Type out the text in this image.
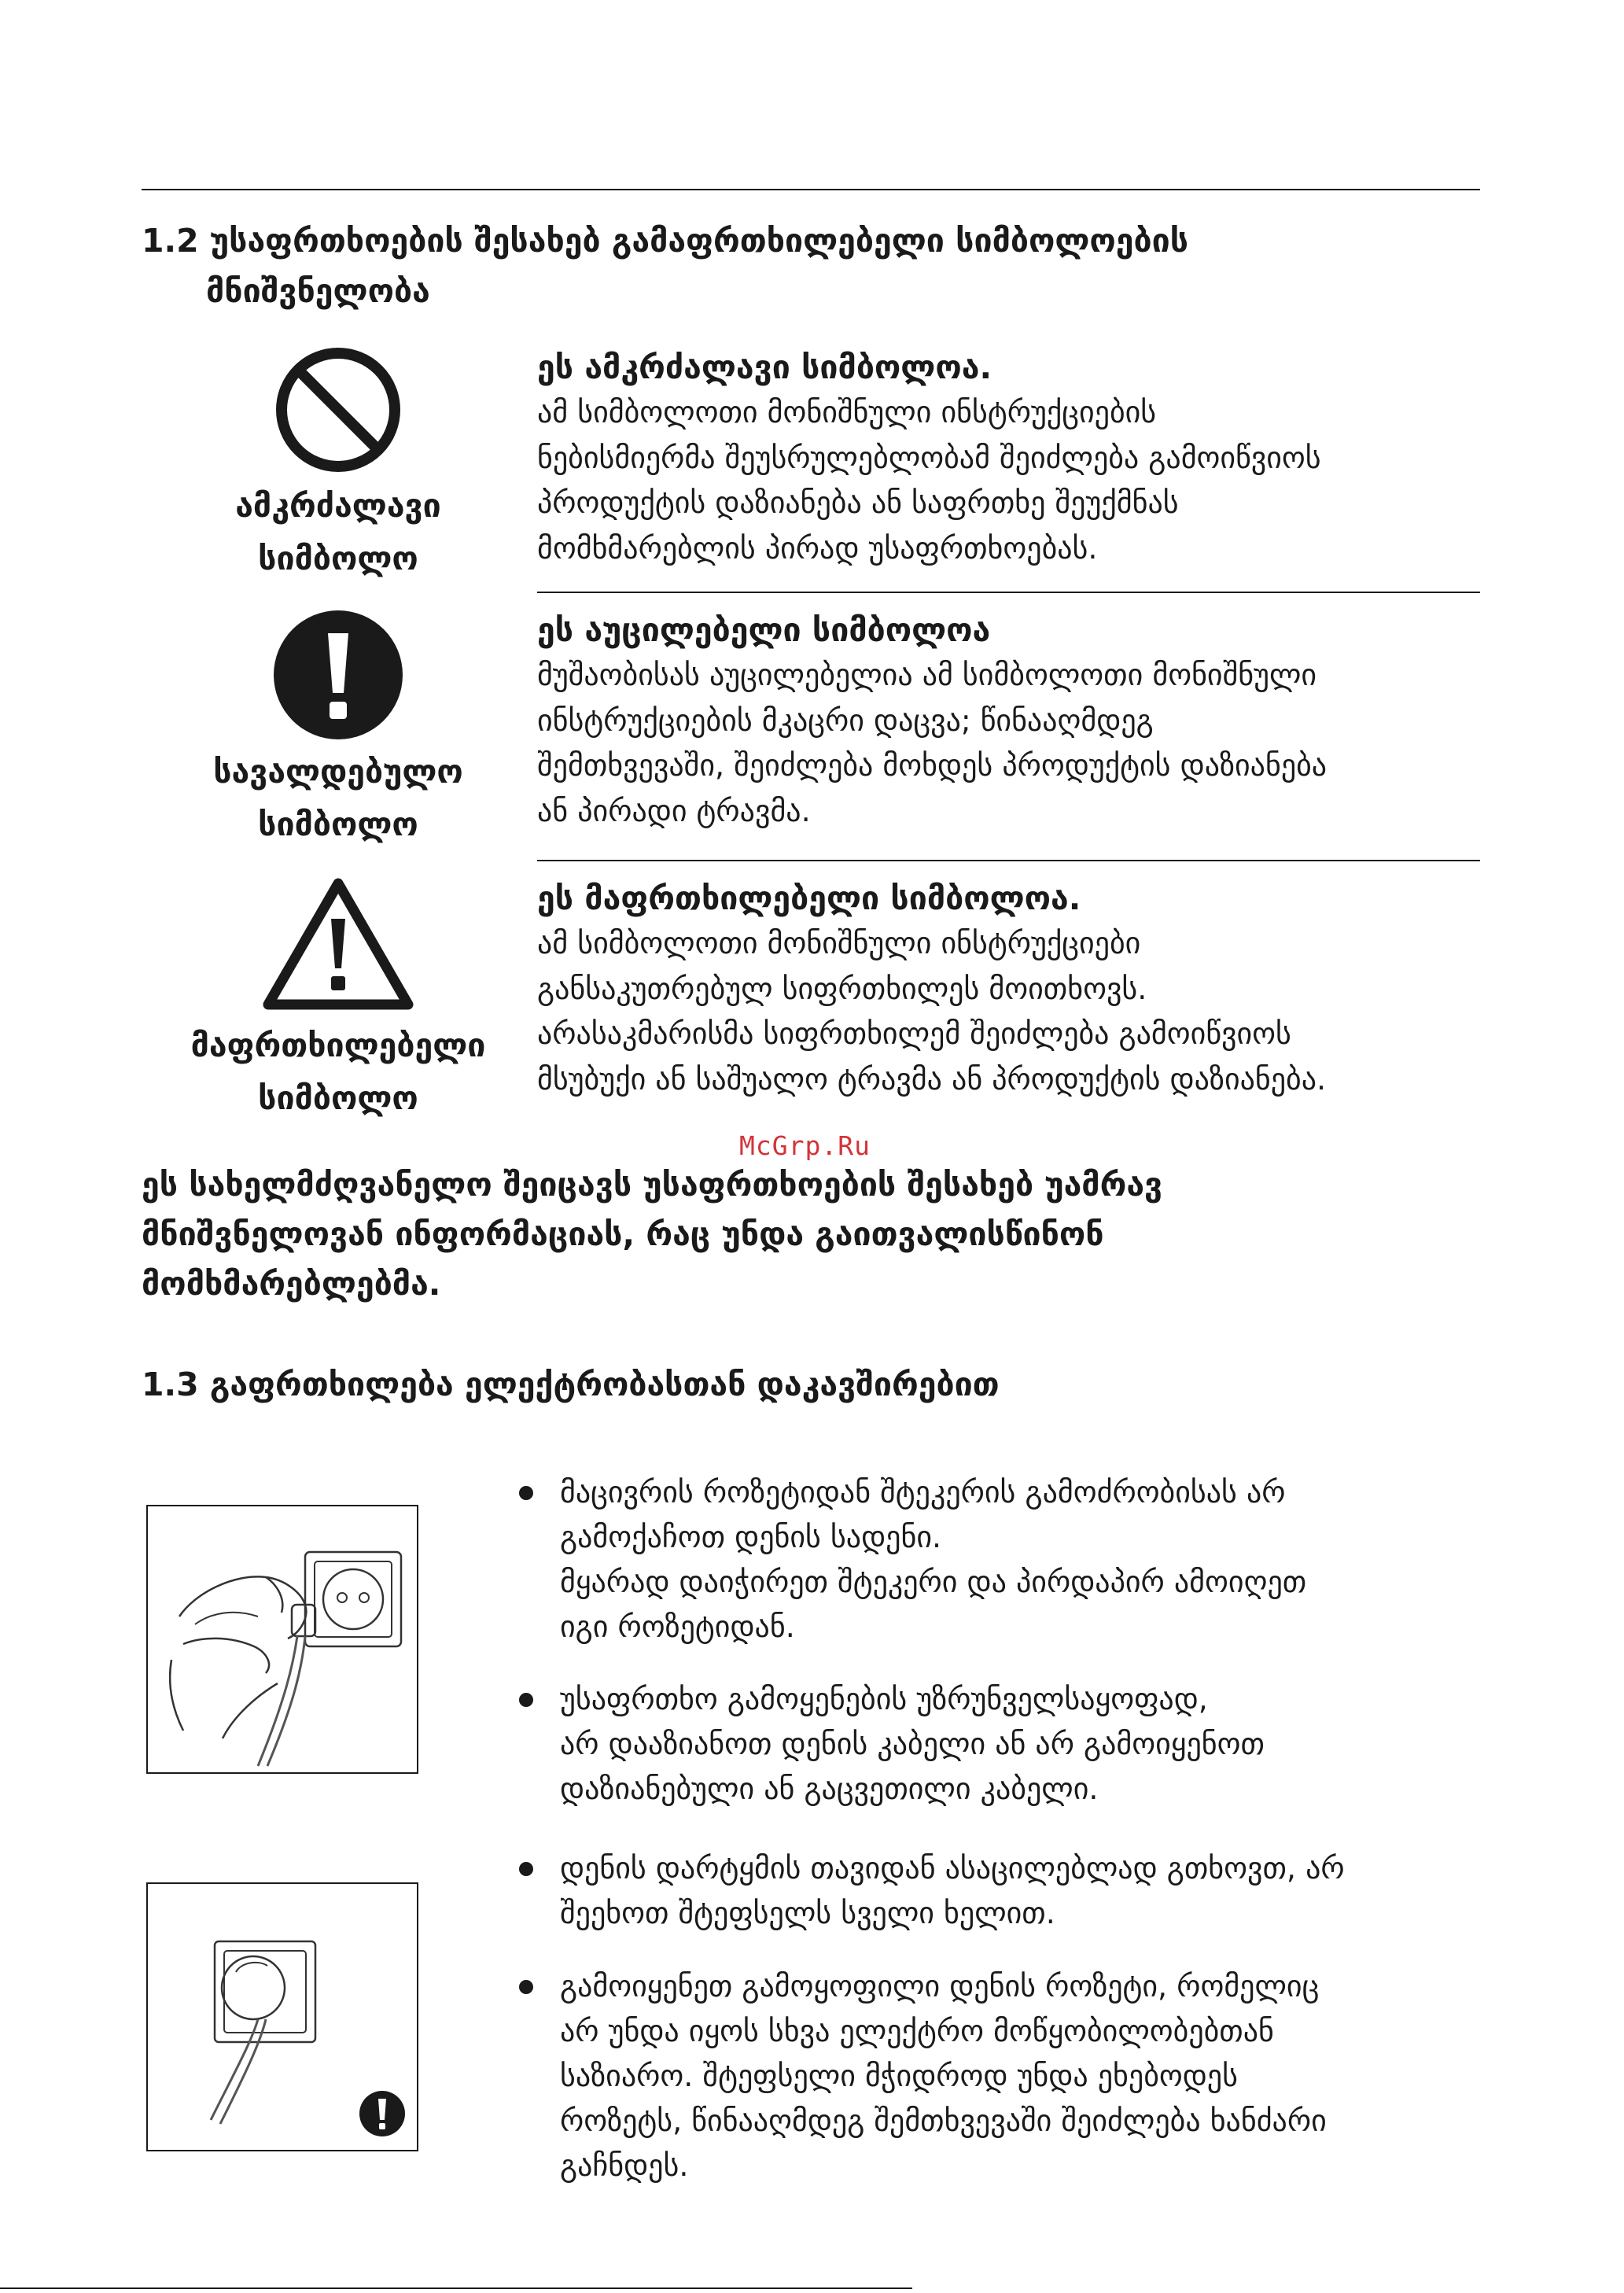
1.2 უსაფრთხოების შესახებ გამაფრთხილებელი სიმბოლოების
მნიშვნელობა
ამკრძალავი
სიმბოლო
ეს ამკრძალავი სიმბოლოა.
ამ სიმბოლოთი მონიშნული ინსტრუქციების
ნებისმიერმა შეუსრულებლობამ შეიძლება გამოიწვიოს
პროდუქტის დაზიანება ან საფრთხე შეუქმნას
მომხმარებლის პირად უსაფრთხოებას.
სავალდებულო
სიმბოლო
ეს აუცილებელი სიმბოლოა
მუშაობისას აუცილებელია ამ სიმბოლოთი მონიშნული
ინსტრუქციების მკაცრი დაცვა; წინააღმდეგ
შემთხვევაში, შეიძლება მოხდეს პროდუქტის დაზიანება
ან პირადი ტრავმა.
მაფრთხილებელი
სიმბოლო
ეს მაფრთხილებელი სიმბოლოა.
ამ სიმბოლოთი მონიშნული ინსტრუქციები
განსაკუთრებულ სიფრთხილეს მოითხოვს.
არასაკმარისმა სიფრთხილემ შეიძლება გამოიწვიოს
მსუბუქი ან საშუალო ტრავმა ან პროდუქტის დაზიანება.
McGrp.Ru
ეს სახელმძღვანელო შეიცავს უსაფრთხოების შესახებ უამრავ
მნიშვნელოვან ინფორმაციას, რაც უნდა გაითვალისწინონ
მომხმარებლებმა.
1.3 გაფრთხილება ელექტრობასთან დაკავშირებით
მაცივრის როზეტიდან შტეკერის გამოძრობისას არ
გამოქაჩოთ დენის სადენი.
მყარად დაიჭირეთ შტეკერი და პირდაპირ ამოიღეთ
იგი როზეტიდან.
უსაფრთხო გამოყენების უზრუნველსაყოფად,
არ დააზიანოთ დენის კაბელი ან არ გამოიყენოთ
დაზიანებული ან გაცვეთილი კაბელი.
დენის დარტყმის თავიდან ასაცილებლად გთხოვთ, არ
შეეხოთ შტეფსელს სველი ხელით.
გამოიყენეთ გამოყოფილი დენის როზეტი, რომელიც
არ უნდა იყოს სხვა ელექტრო მოწყობილობებთან
საზიარო. შტეფსელი მჭიდროდ უნდა ეხებოდეს
როზეტს, წინააღმდეგ შემთხვევაში შეიძლება ხანძარი
გაჩნდეს.
